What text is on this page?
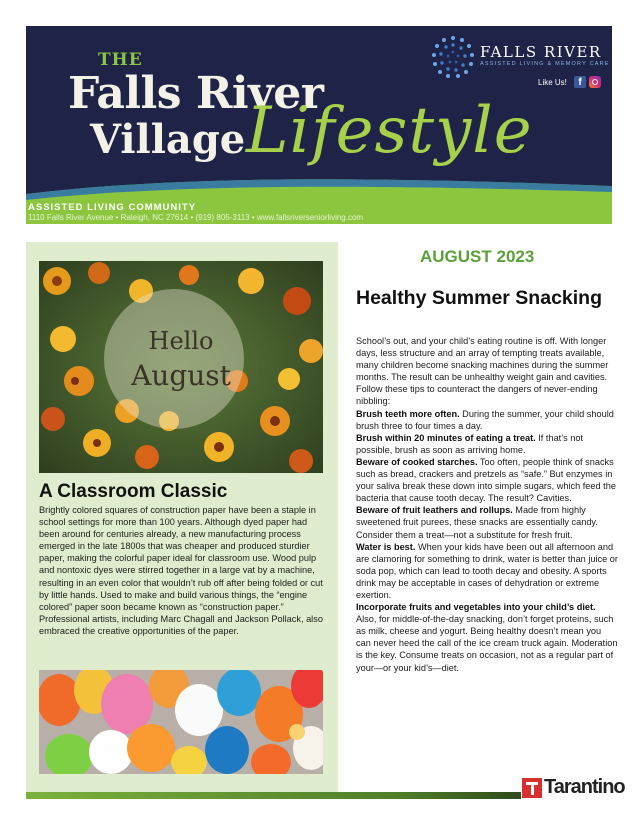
THE
Falls River
Village Lifestyle
FALLS RIVER
ASSISTED LIVING & MEMORY CARE
Like Us!	f
ASSISTED LIVING COMMUNITY
1110 Falls River Avenue • Raleigh, NC 27614 • (919) 805-3113 • www.fallsriverseniorliving.com
Hello
August
A Classroom Classic
Brightly colored squares of construction paper have been a staple in school settings for more than 100 years. Although dyed paper had been around for centuries already, a new manufacturing process emerged in the late 1800s that was cheaper and produced sturdier paper, making the colorful paper ideal for classroom use. Wood pulp and nontoxic dyes were stirred together in a large vat by a machine, resulting in an even color that wouldn’t rub off after being folded or cut by little hands. Used to make and build various things, the “engine colored” paper soon became known as “construction paper.” Professional artists, including Marc Chagall and Jackson Pollack, also embraced the creative opportunities of the paper.
AUGUST 2023
Healthy Summer Snacking

School’s out, and your child’s eating routine is off. With longer days, less structure and an array of tempting treats available, many children become snacking machines during the summer months. The result can be unhealthy weight gain and cavities. Follow these tips to counteract the dangers of never-ending nibbling:

Brush teeth more often. During the summer, your child should brush three to four times a day.

Brush within 20 minutes of eating a treat. If that’s not possible, brush as soon as arriving home.

Beware of cooked starches. Too often, people think of snacks such as bread, crackers and pretzels as “safe.” But enzymes in your saliva break these down into simple sugars, which feed the bacteria that cause tooth decay. The result? Cavities.

Beware of fruit leathers and rollups. Made from highly sweetened fruit purees, these snacks are essentially candy. Consider them a treat—not a substitute for fresh fruit.

Water is best. When your kids have been out all afternoon and are clamoring for something to drink, water is better than juice or soda pop, which can lead to tooth decay and obesity. A sports drink may be acceptable in cases of dehydration or extreme exertion.

Incorporate fruits and vegetables into your child’s diet. Also, for middle-of-the-day snacking, don’t forget proteins, such as milk, cheese and yogurt. Being healthy doesn’t mean you can never heed the call of the ice cream truck again. Moderation is the key. Consume treats on occasion, not as a regular part of your—or your kid’s—diet.

Tarantino
